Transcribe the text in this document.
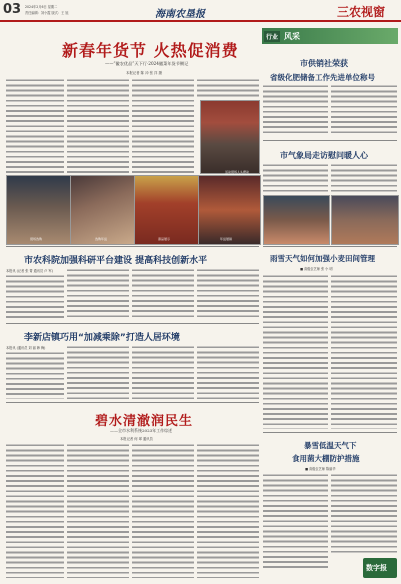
03 2024年2月6日 星期二
责任编辑：刘小霞 版式：王 旭	海南农垦报	三农视窗
新春年货节 火热促消费
——“徽农优品”天下行·2024徽菜年货节侧记
本报记者 陈 冲 张 洋 摄
活动现场人头攒动
现场选购	选购年货	商品展示	年货展销
行业 风采
市供销社荣获
省级化肥储备工作先进单位称号
市气象局走访慰问暖人心
市农科院加强科研平台建设 提高科技创新水平
本报讯 (记者 张 菁 通讯员 卢 军)
雨雪天气如何加强小麦田间管理
■ 高级农艺师 张 小 明
李新店镇巧用“加减乘除”打造人居环境
本报讯 (通讯员 刘 丽 韩 梅)
碧水清澈润民生
——全市水利系统2023年工作综述
本报记者 何 翠 通讯员
暴雪低温天气下
食用菌大棚防护措施
■ 高级农艺师 陈丽华
数字报
